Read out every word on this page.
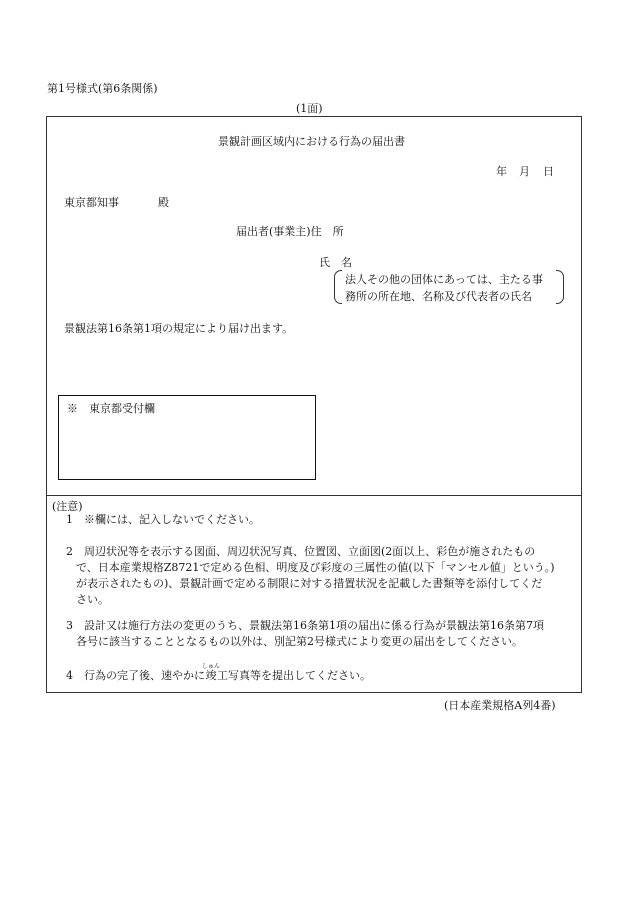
第1号様式(第6条関係)
(1面)
景観計画区域内における行為の届出書
年 月 日
東京都知事	殿
届出者(事業主)住　所
氏　名
法人その他の団体にあっては、主たる事
務所の所在地、名称及び代表者の氏名
景観法第16条第1項の規定により届け出ます。
※　東京都受付欄
(注意)
1　※欄には、記入しないでください。
2　周辺状況等を表示する図面、周辺状況写真、位置図、立面図(2面以上、彩色が施されたもの
で、日本産業規格Z8721で定める色相、明度及び彩度の三属性の値(以下「マンセル値」という。)
が表示されたもの)、景観計画で定める制限に対する措置状況を記載した書類等を添付してくだ
さい。
3　設計又は施行方法の変更のうち、景観法第16条第1項の届出に係る行為が景観法第16条第7項
各号に該当することとなるもの以外は、別記第2号様式により変更の届出をしてください。
4　行為の完了後、速やかに竣しゅん工写真等を提出してください。
(日本産業規格A列4番)
